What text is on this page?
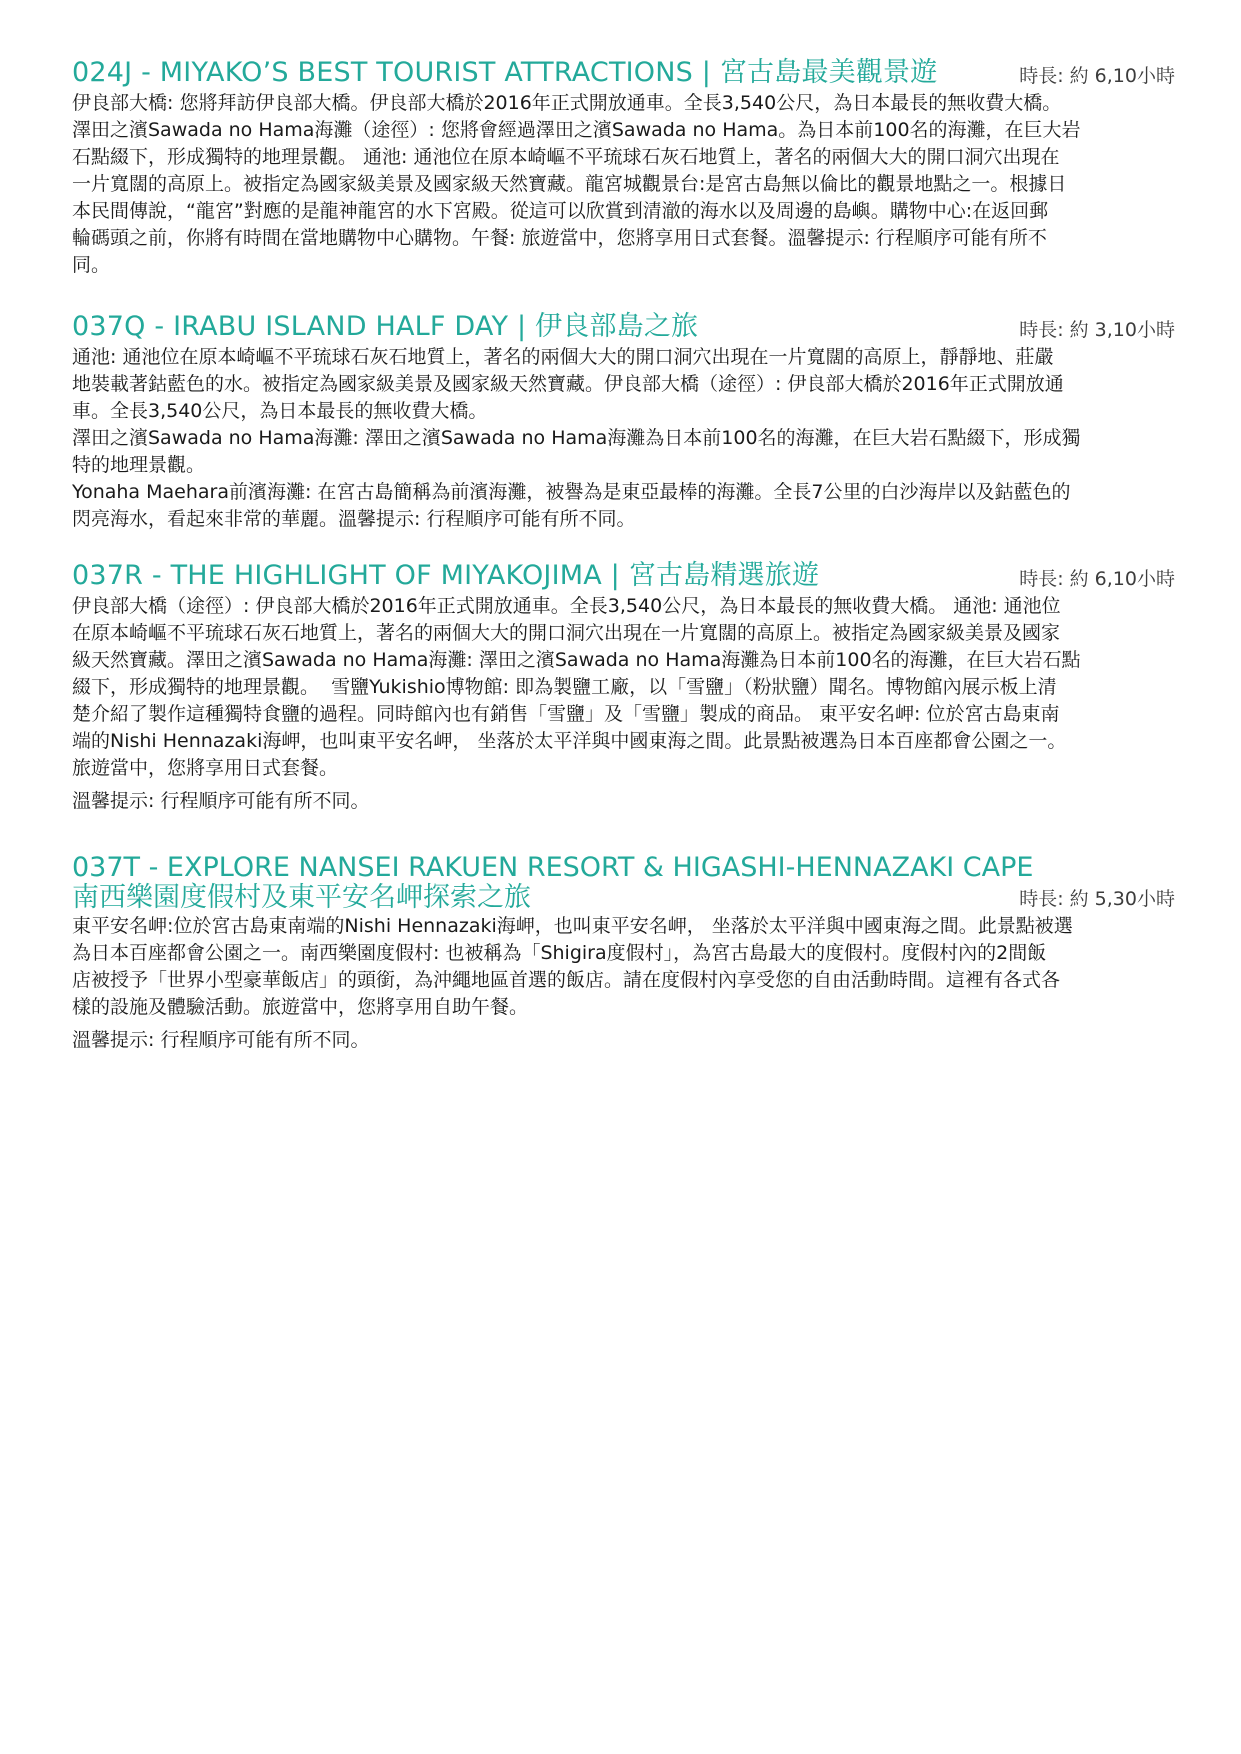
024J - MIYAKO’S BEST TOURIST ATTRACTIONS | 宮古島最美觀景遊	時長: 約 6,10小時

伊良部大橋: 您將拜訪伊良部大橋。伊良部大橋於2016年正式開放通車。全長3,540公尺，為日本最長的無收費大橋。
澤田之濱Sawada no Hama海灘（途徑）: 您將會經過澤田之濱Sawada no Hama。為日本前100名的海灘，在巨大岩
石點綴下，形成獨特的地理景觀。 通池: 通池位在原本崎嶇不平琉球石灰石地質上，著名的兩個大大的開口洞穴出現在
一片寬闊的高原上。被指定為國家級美景及國家級天然寶藏。龍宮城觀景台:是宮古島無以倫比的觀景地點之一。根據日
本民間傳說，“龍宮”對應的是龍神龍宮的水下宮殿。從這可以欣賞到清澈的海水以及周邊的島嶼。購物中心:在返回郵
輪碼頭之前，你將有時間在當地購物中心購物。午餐: 旅遊當中，您將享用日式套餐。溫馨提示: 行程順序可能有所不
同。

037Q - IRABU ISLAND HALF DAY | 伊良部島之旅	時長: 約 3,10小時

通池: 通池位在原本崎嶇不平琉球石灰石地質上，著名的兩個大大的開口洞穴出現在一片寬闊的高原上，靜靜地、莊嚴
地裝載著鈷藍色的水。被指定為國家級美景及國家級天然寶藏。伊良部大橋（途徑）: 伊良部大橋於2016年正式開放通
車。全長3,540公尺，為日本最長的無收費大橋。
澤田之濱Sawada no Hama海灘: 澤田之濱Sawada no Hama海灘為日本前100名的海灘，在巨大岩石點綴下，形成獨
特的地理景觀。
Yonaha Maehara前濱海灘: 在宮古島簡稱為前濱海灘，被譽為是東亞最棒的海灘。全長7公里的白沙海岸以及鈷藍色的
閃亮海水，看起來非常的華麗。溫馨提示: 行程順序可能有所不同。

037R - THE HIGHLIGHT OF MIYAKOJIMA | 宮古島精選旅遊	時長: 約 6,10小時

伊良部大橋（途徑）: 伊良部大橋於2016年正式開放通車。全長3,540公尺，為日本最長的無收費大橋。 通池: 通池位
在原本崎嶇不平琉球石灰石地質上，著名的兩個大大的開口洞穴出現在一片寬闊的高原上。被指定為國家級美景及國家
級天然寶藏。澤田之濱Sawada no Hama海灘: 澤田之濱Sawada no Hama海灘為日本前100名的海灘，在巨大岩石點
綴下，形成獨特的地理景觀。  雪鹽Yukishio博物館: 即為製鹽工廠，以「雪鹽」（粉狀鹽）聞名。博物館內展示板上清
楚介紹了製作這種獨特食鹽的過程。同時館內也有銷售「雪鹽」及「雪鹽」製成的商品。 東平安名岬: 位於宮古島東南
端的Nishi Hennazaki海岬，也叫東平安名岬， 坐落於太平洋與中國東海之間。此景點被選為日本百座都會公園之一。
旅遊當中，您將享用日式套餐。

溫馨提示: 行程順序可能有所不同。

037T - EXPLORE NANSEI RAKUEN RESORT & HIGASHI-HENNAZAKI CAPE
南西樂園度假村及東平安名岬探索之旅	時長: 約 5,30小時

東平安名岬:位於宮古島東南端的Nishi Hennazaki海岬，也叫東平安名岬， 坐落於太平洋與中國東海之間。此景點被選
為日本百座都會公園之一。南西樂園度假村: 也被稱為「Shigira度假村」，為宮古島最大的度假村。度假村內的2間飯
店被授予「世界小型豪華飯店」的頭銜，為沖繩地區首選的飯店。請在度假村內享受您的自由活動時間。這裡有各式各
樣的設施及體驗活動。旅遊當中，您將享用自助午餐。

溫馨提示: 行程順序可能有所不同。
